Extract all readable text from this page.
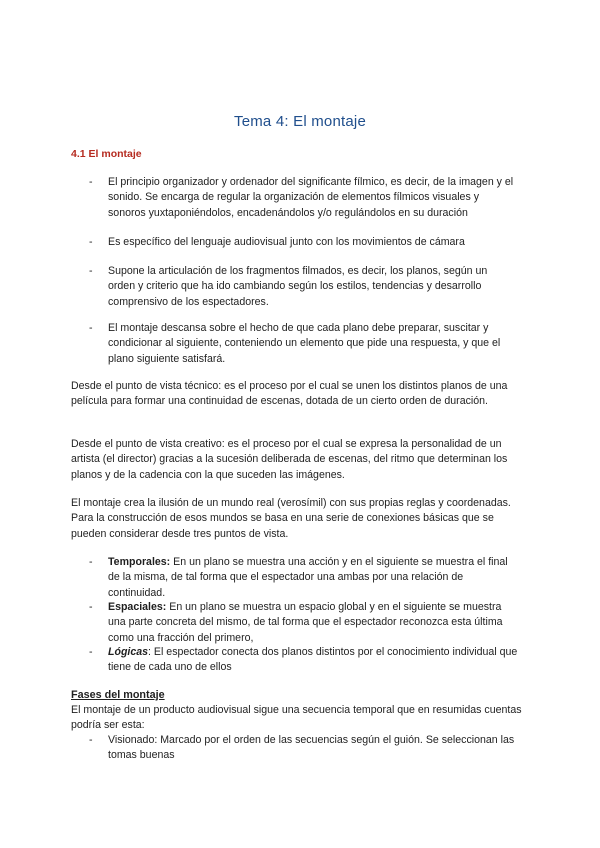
Tema 4: El montaje
4.1 El montaje
- El principio organizador y ordenador del significante fílmico, es decir, de la imagen y el sonido. Se encarga de regular la organización de elementos fílmicos visuales y sonoros yuxtaponiéndolos, encadenándolos y/o regulándolos en su duración
- Es específico del lenguaje audiovisual junto con los movimientos de cámara
- Supone la articulación de los fragmentos filmados, es decir, los planos, según un orden y criterio que ha ido cambiando según los estilos, tendencias y desarrollo comprensivo de los espectadores.
- El montaje descansa sobre el hecho de que cada plano debe preparar, suscitar y condicionar al siguiente, conteniendo un elemento que pide una respuesta, y que el plano siguiente satisfará.
Desde el punto de vista técnico: es el proceso por el cual se unen los distintos planos de una película para formar una continuidad de escenas, dotada de un cierto orden de duración.
Desde el punto de vista creativo: es el proceso por el cual se expresa la personalidad de un artista (el director) gracias a la sucesión deliberada de escenas, del ritmo que determinan los planos y de la cadencia con la que suceden las imágenes.
El montaje crea la ilusión de un mundo real (verosímil) con sus propias reglas y coordenadas. Para la construcción de esos mundos se basa en una serie de conexiones básicas que se pueden considerar desde tres puntos de vista.
- Temporales: En un plano se muestra una acción y en el siguiente se muestra el final de la misma, de tal forma que el espectador una ambas por una relación de continuidad.
- Espaciales: En un plano se muestra un espacio global y en el siguiente se muestra una parte concreta del mismo, de tal forma que el espectador reconozca esta última como una fracción del primero,
- Lógicas: El espectador conecta dos planos distintos por el conocimiento individual que tiene de cada uno de ellos
Fases del montaje
El montaje de un producto audiovisual sigue una secuencia temporal que en resumidas cuentas podría ser esta:
- Visionado: Marcado por el orden de las secuencias según el guión. Se seleccionan las tomas buenas
